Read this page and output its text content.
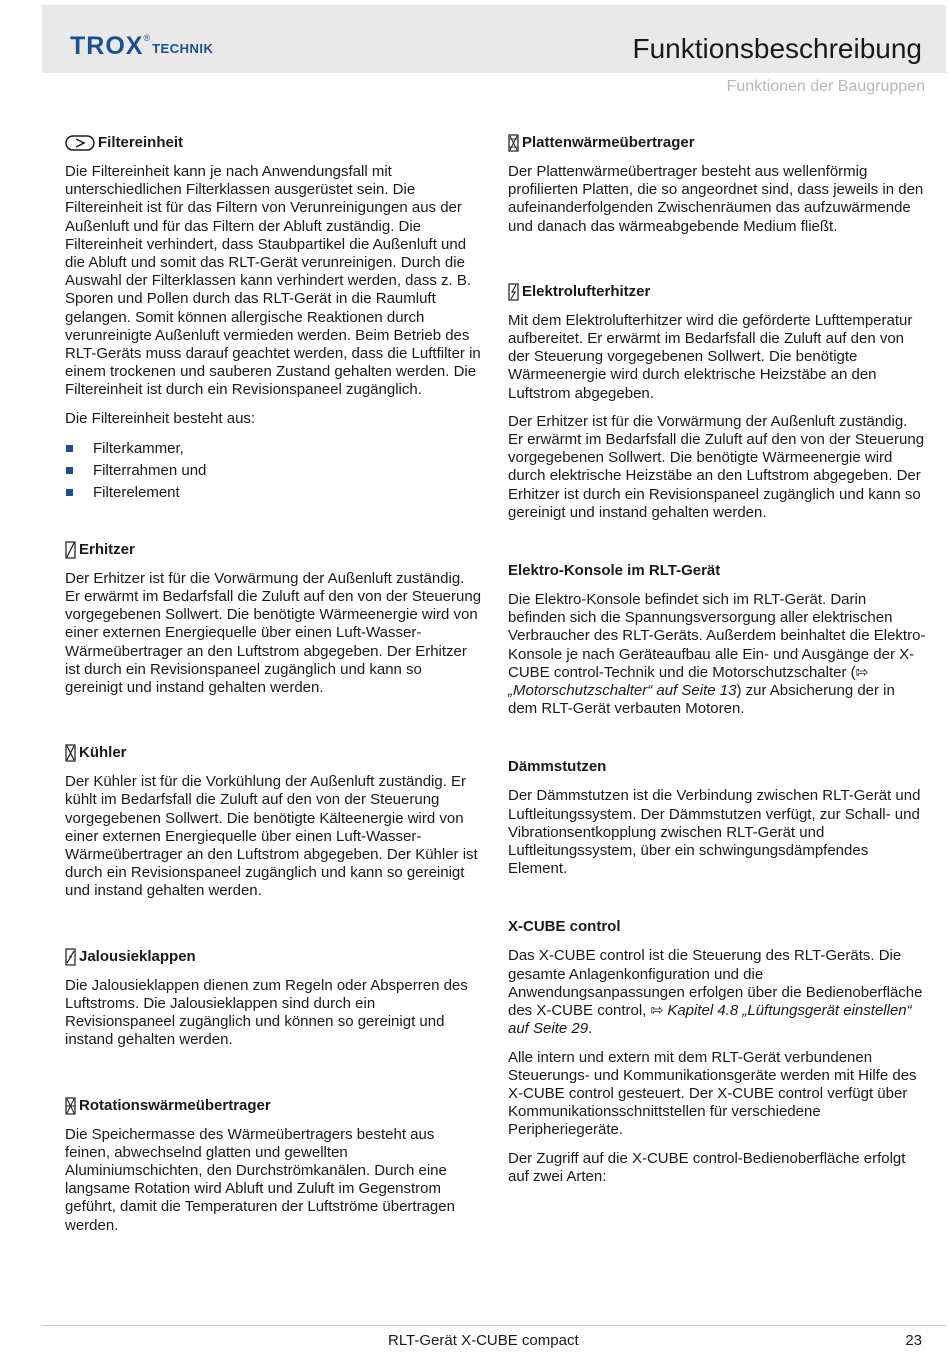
TROX®TECHNIK	Funktionsbeschreibung
Funktionen der Baugruppen
Filtereinheit

Die Filtereinheit kann je nach Anwendungsfall mit unterschiedlichen Filterklassen ausgerüstet sein. Die Filtereinheit ist für das Filtern von Verunreinigungen aus der Außenluft und für das Filtern der Abluft zuständig. Die Filtereinheit verhindert, dass Staubpartikel die Außenluft und die Abluft und somit das RLT-Gerät verunreinigen. Durch die Auswahl der Filterklassen kann verhindert werden, dass z. B. Sporen und Pollen durch das RLT-Gerät in die Raumluft gelangen. Somit können allergische Reaktionen durch verunreinigte Außenluft vermieden werden. Beim Betrieb des RLT-Geräts muss darauf geachtet werden, dass die Luftfilter in einem trockenen und sauberen Zustand gehalten werden. Die Filtereinheit ist durch ein Revisionspaneel zugänglich.

Die Filtereinheit besteht aus:

Filterkammer,
Filterrahmen und
Filterelement
Erhitzer

Der Erhitzer ist für die Vorwärmung der Außenluft zuständig. Er erwärmt im Bedarfsfall die Zuluft auf den von der Steuerung vorgegebenen Sollwert. Die benötigte Wärmeenergie wird von einer externen Energiequelle über einen Luft-Wasser-Wärmeübertrager an den Luftstrom abgegeben. Der Erhitzer ist durch ein Revisionspaneel zugänglich und kann so gereinigt und instand gehalten werden.

Kühler

Der Kühler ist für die Vorkühlung der Außenluft zuständig. Er kühlt im Bedarfsfall die Zuluft auf den von der Steuerung vorgegebenen Sollwert. Die benötigte Kälteenergie wird von einer externen Energiequelle über einen Luft-Wasser-Wärmeübertrager an den Luftstrom abgegeben. Der Kühler ist durch ein Revisionspaneel zugänglich und kann so gereinigt und instand gehalten werden.

Jalousieklappen

Die Jalousieklappen dienen zum Regeln oder Absperren des Luftstroms. Die Jalousieklappen sind durch ein Revisionspaneel zugänglich und können so gereinigt und instand gehalten werden.

Rotationswärmeübertrager

Die Speichermasse des Wärmeübertragers besteht aus feinen, abwechselnd glatten und gewellten Aluminiumschichten, den Durchströmkanälen. Durch eine langsame Rotation wird Abluft und Zuluft im Gegenstrom geführt, damit die Temperaturen der Luftströme übertragen werden.

Plattenwärmeübertrager

Der Plattenwärmeübertrager besteht aus wellenförmig profilierten Platten, die so angeordnet sind, dass jeweils in den aufeinanderfolgenden Zwischenräumen das aufzuwärmende und danach das wärmeabgebende Medium fließt.

Elektrolufterhitzer

Mit dem Elektrolufterhitzer wird die geförderte Lufttemperatur aufbereitet. Er erwärmt im Bedarfsfall die Zuluft auf den von der Steuerung vorgegebenen Sollwert. Die benötigte Wärmeenergie wird durch elektrische Heizstäbe an den Luftstrom abgegeben.

Der Erhitzer ist für die Vorwärmung der Außenluft zuständig. Er erwärmt im Bedarfsfall die Zuluft auf den von der Steuerung vorgegebenen Sollwert. Die benötigte Wärmeenergie wird durch elektrische Heizstäbe an den Luftstrom abgegeben. Der Erhitzer ist durch ein Revisionspaneel zugänglich und kann so gereinigt und instand gehalten werden.

Elektro-Konsole im RLT-Gerät

Die Elektro-Konsole befindet sich im RLT-Gerät. Darin befinden sich die Spannungsversorgung aller elektrischen Verbraucher des RLT-Geräts. Außerdem beinhaltet die Elektro-Konsole je nach Geräteaufbau alle Ein- und Ausgänge der X-CUBE control-Technik und die Motorschutzschalter (⇰ „Motorschutzschalter“ auf Seite 13) zur Absicherung der in dem RLT-Gerät verbauten Motoren.

Dämmstutzen

Der Dämmstutzen ist die Verbindung zwischen RLT-Gerät und Luftleitungssystem. Der Dämmstutzen verfügt, zur Schall- und Vibrationsentkopplung zwischen RLT-Gerät und Luftleitungssystem, über ein schwingungsdämpfendes Element.

X-CUBE control

Das X-CUBE control ist die Steuerung des RLT-Geräts. Die gesamte Anlagenkonfiguration und die Anwendungsanpassungen erfolgen über die Bedienoberfläche des X-CUBE control, ⇰ Kapitel 4.8 „Lüftungsgerät einstellen“ auf Seite 29.

Alle intern und extern mit dem RLT-Gerät verbundenen Steuerungs- und Kommunikationsgeräte werden mit Hilfe des X-CUBE control gesteuert. Der X-CUBE control verfügt über Kommunikationsschnittstellen für verschiedene Peripheriegeräte.

Der Zugriff auf die X-CUBE control-Bedienoberfläche erfolgt auf zwei Arten:

RLT-Gerät X-CUBE compact	23
